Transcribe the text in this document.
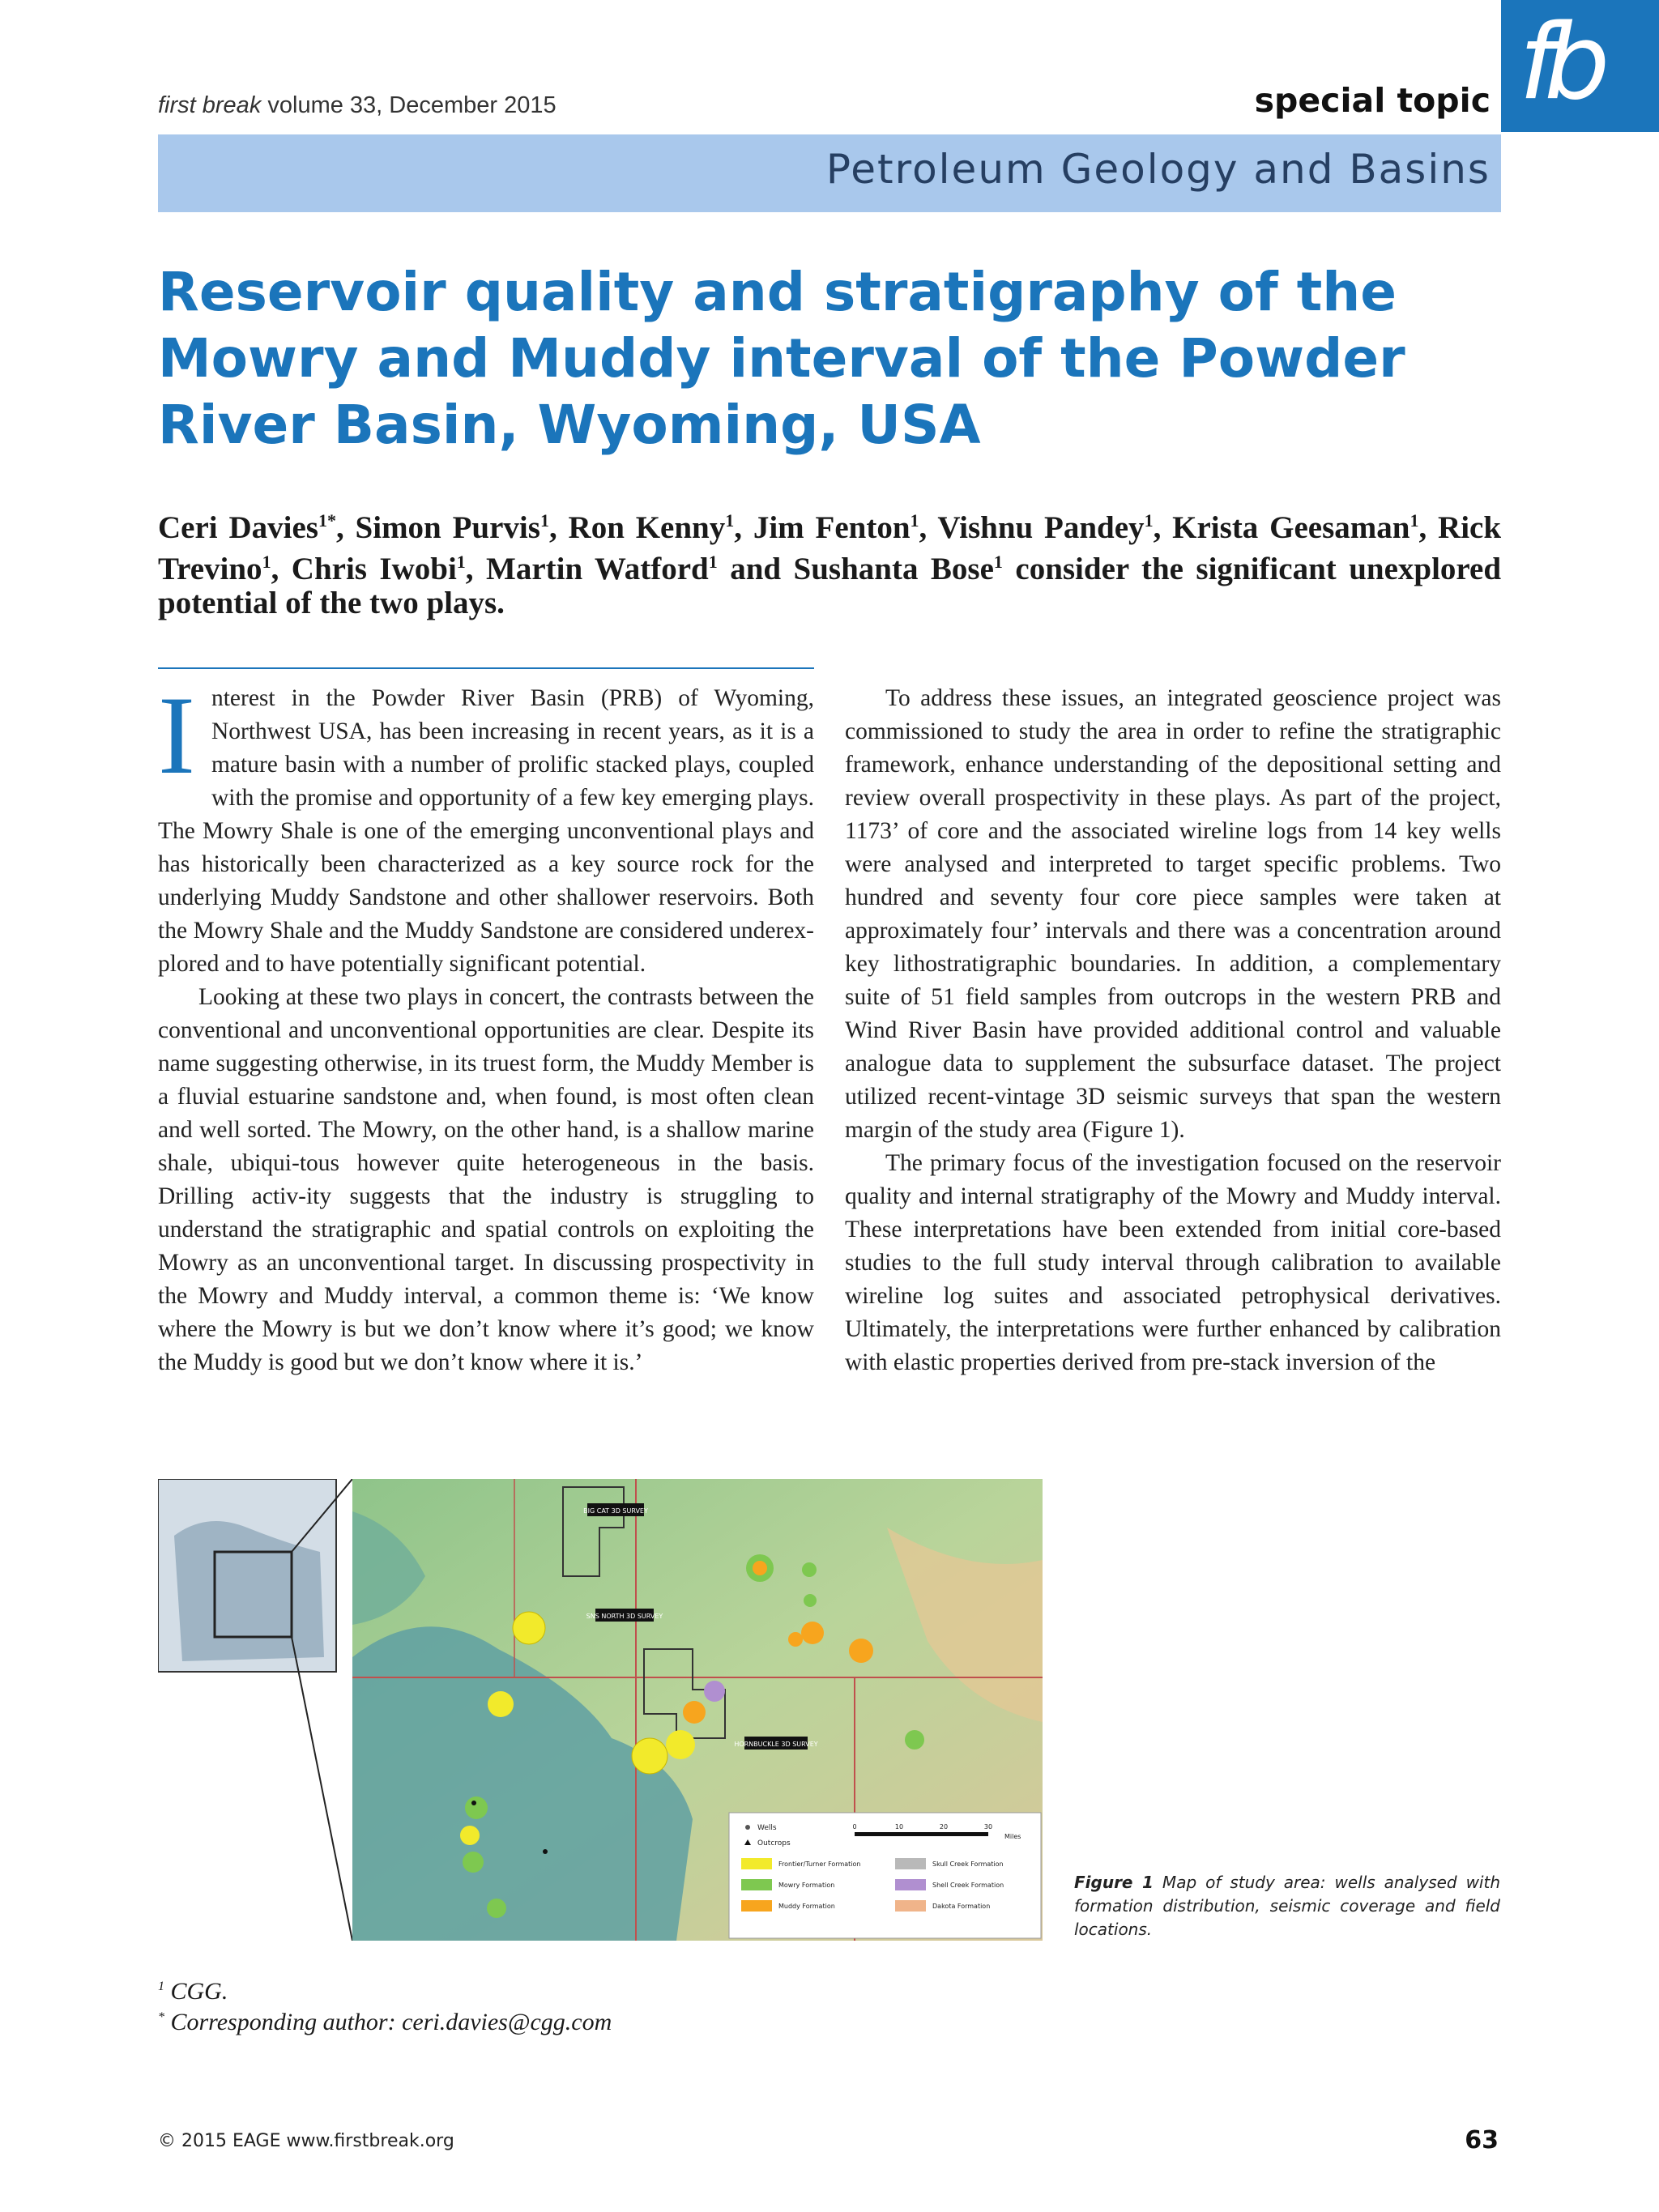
fb
first break volume 33, December 2015	special topic
Petroleum Geology and Basins
Reservoir quality and stratigraphy of the Mowry and Muddy interval of the Powder River Basin, Wyoming, USA
Ceri Davies$^{1*}$, Simon Purvis$^1$, Ron Kenny$^1$, Jim Fenton$^1$, Vishnu Pandey$^1$, Krista Geesaman$^1$, Rick Trevino$^1$, Chris Iwobi$^1$, Martin Watford$^1$ and Sushanta Bose$^1$ consider the significant unexplored potential of the two plays.

Interest in the Powder River Basin (PRB) of Wyoming, Northwest USA, has been increasing in recent years, as it is a mature basin with a number of prolific stacked plays, coupled with the promise and opportunity of a few key emerging plays. The Mowry Shale is one of the emerging unconventional plays and has historically been characterized as a key source rock for the underlying Muddy Sandstone and other shallower reservoirs. Both the Mowry Shale and the Muddy Sandstone are considered underex-plored and to have potentially significant potential.

Looking at these two plays in concert, the contrasts between the conventional and unconventional opportunities are clear. Despite its name suggesting otherwise, in its truest form, the Muddy Member is a fluvial estuarine sandstone and, when found, is most often clean and well sorted. The Mowry, on the other hand, is a shallow marine shale, ubiqui-tous however quite heterogeneous in the basis. Drilling activ-ity suggests that the industry is struggling to understand the stratigraphic and spatial controls on exploiting the Mowry as an unconventional target. In discussing prospectivity in the Mowry and Muddy interval, a common theme is: ‘We know where the Mowry is but we don’t know where it’s good; we know the Muddy is good but we don’t know where it is.’

To address these issues, an integrated geoscience project was commissioned to study the area in order to refine the stratigraphic framework, enhance understanding of the depositional setting and review overall prospectivity in these plays. As part of the project, 1173’ of core and the associated wireline logs from 14 key wells were analysed and interpreted to target specific problems. Two hundred and seventy four core piece samples were taken at approximately four’ intervals and there was a concentration around key lithostratigraphic boundaries. In addition, a complementary suite of 51 field samples from outcrops in the western PRB and Wind River Basin have provided additional control and valuable analogue data to supplement the subsurface dataset. The project utilized recent-vintage 3D seismic surveys that span the western margin of the study area (Figure 1).

The primary focus of the investigation focused on the reservoir quality and internal stratigraphy of the Mowry and Muddy interval. These interpretations have been extended from initial core-based studies to the full study interval through calibration to available wireline log suites and associated petrophysical derivatives. Ultimately, the interpretations were further enhanced by calibration with elastic properties derived from pre-stack inversion of the

BIG CAT 3D SURVEY
SNS NORTH 3D SURVEY
HORNBUCKLE 3D SURVEY
Wells
Outcrops
0	10	20	30
Miles
Frontier/Turner Formation	Skull Creek Formation
Mowry Formation	Shell Creek Formation
Muddy Formation	Dakota Formation
Figure 1 Map of study area: wells analysed with formation distribution, seismic coverage and field locations.
$^1$ CGG.
* Corresponding author: ceri.davies@cgg.com
© 2015 EAGE www.firstbreak.org	63
